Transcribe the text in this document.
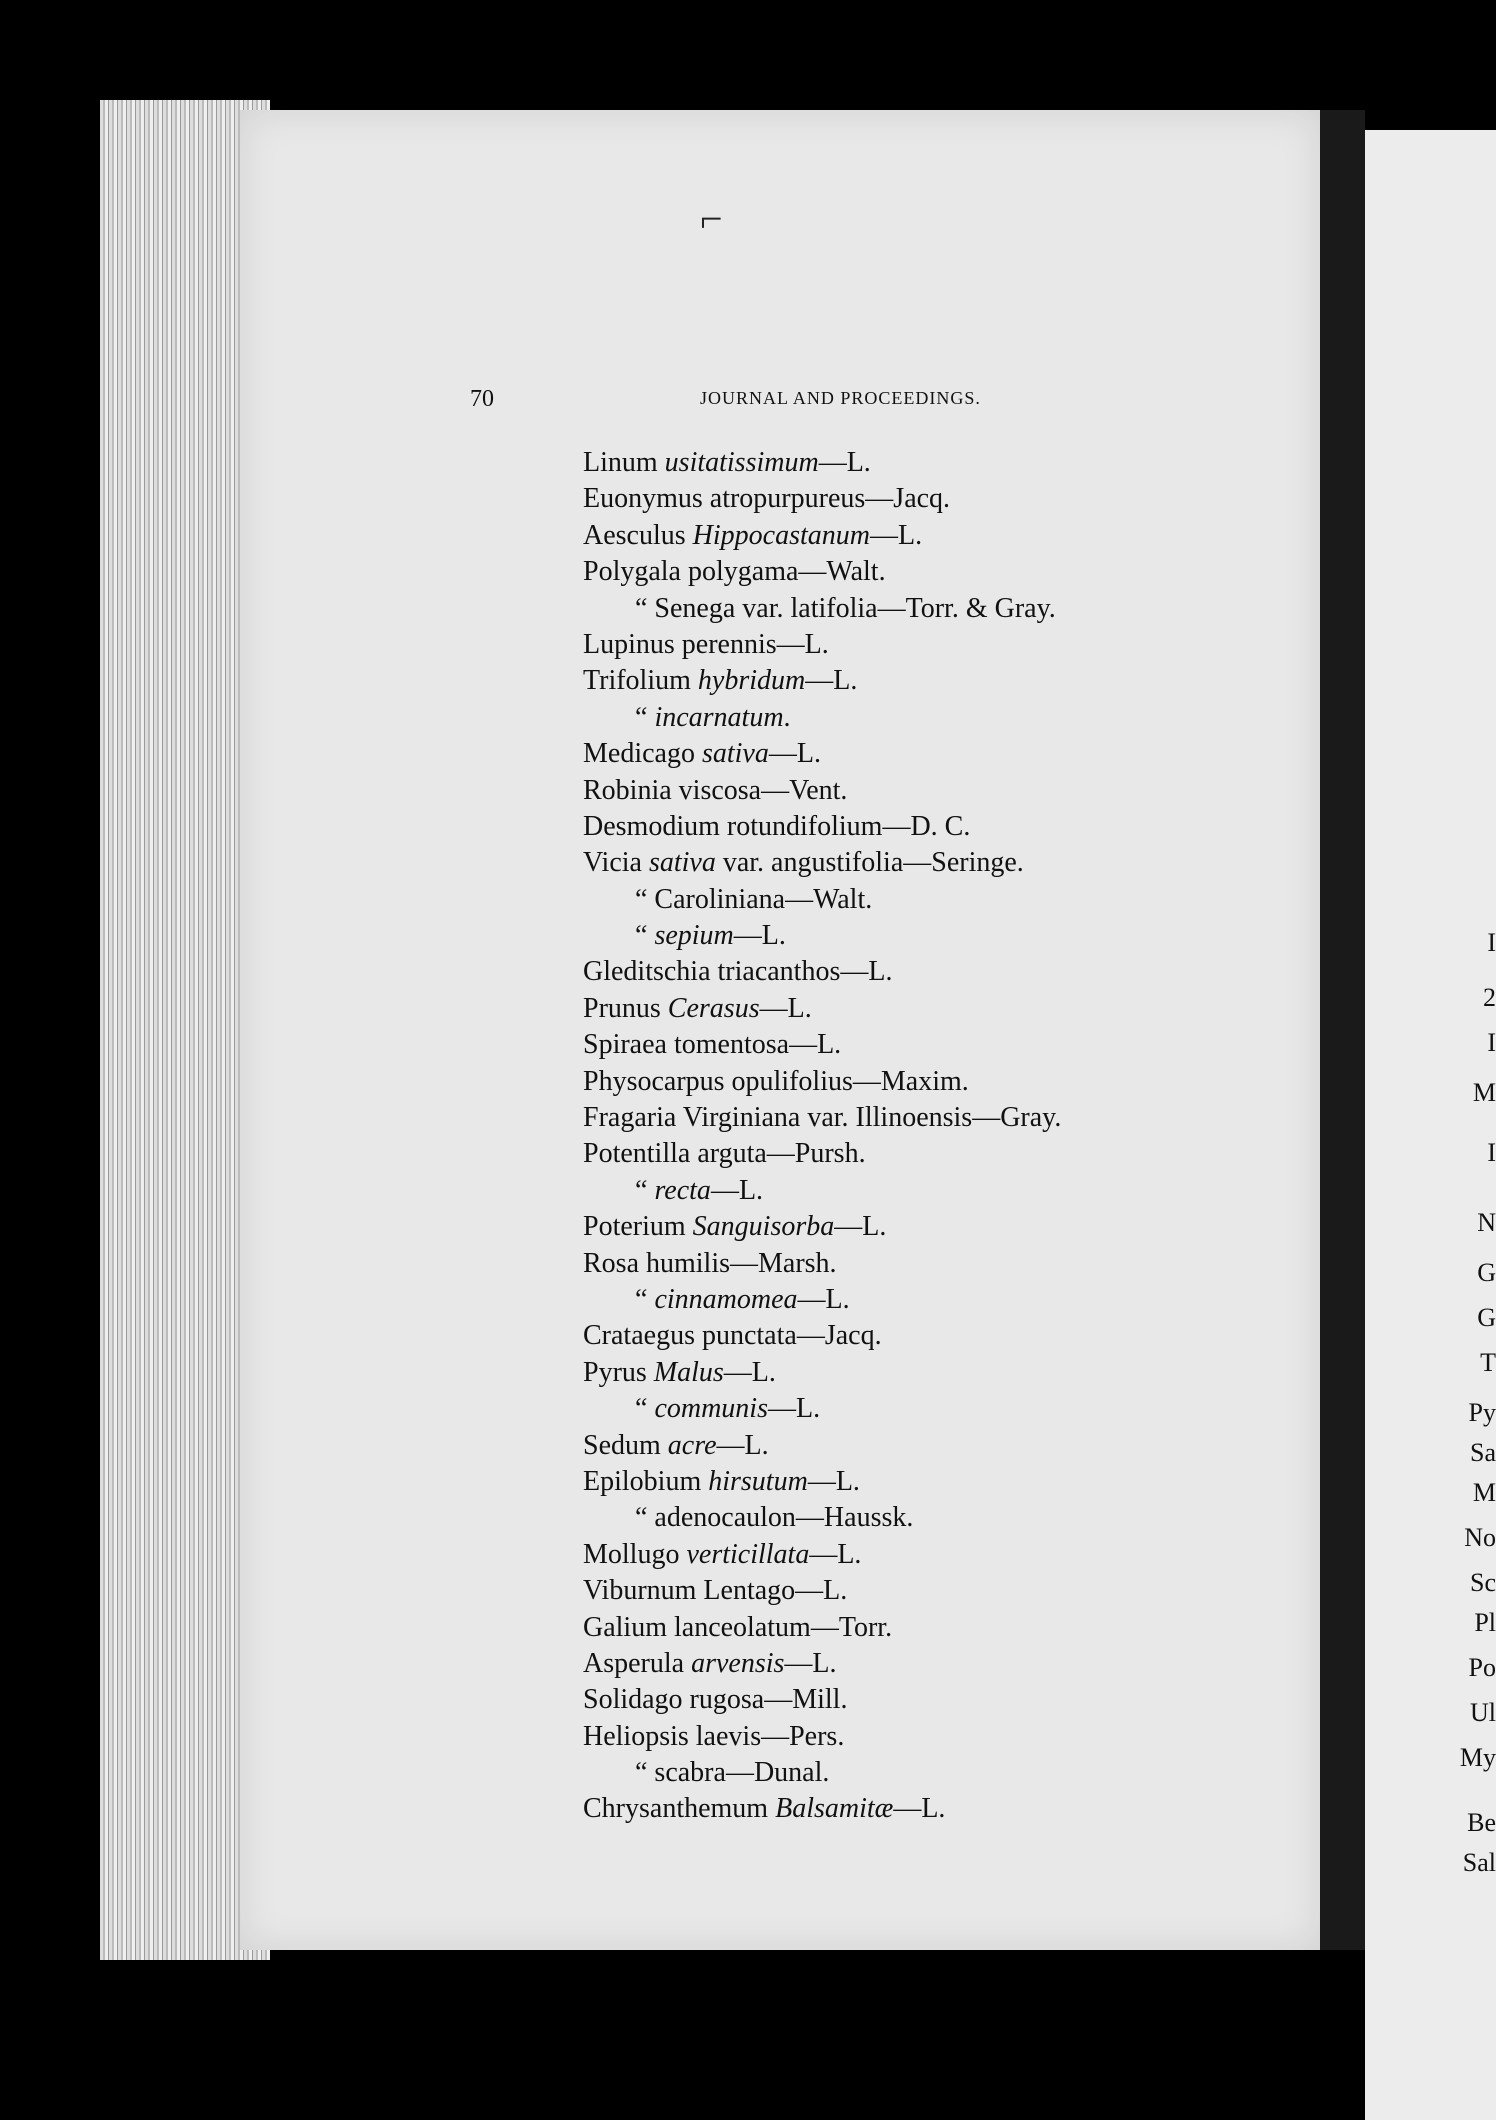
I
2
I
M
I
N
G
G
T
Py
Sa
M
No
Sc
Pl
Po
Ul
My
Be
Sal
70	JOURNAL AND PROCEEDINGS.
Linum usitatissimum—L.
Euonymus atropurpureus—Jacq.
Aesculus Hippocastanum—L.
Polygala polygama—Walt.
“ Senega var. latifolia—Torr. & Gray.
Lupinus perennis—L.
Trifolium hybridum—L.
“ incarnatum.
Medicago sativa—L.
Robinia viscosa—Vent.
Desmodium rotundifolium—D. C.
Vicia sativa var. angustifolia—Seringe.
“ Caroliniana—Walt.
“ sepium—L.
Gleditschia triacanthos—L.
Prunus Cerasus—L.
Spiraea tomentosa—L.
Physocarpus opulifolius—Maxim.
Fragaria Virginiana var. Illinoensis—Gray.
Potentilla arguta—Pursh.
“ recta—L.
Poterium Sanguisorba—L.
Rosa humilis—Marsh.
“ cinnamomea—L.
Crataegus punctata—Jacq.
Pyrus Malus—L.
“ communis—L.
Sedum acre—L.
Epilobium hirsutum—L.
“ adenocaulon—Haussk.
Mollugo verticillata—L.
Viburnum Lentago—L.
Galium lanceolatum—Torr.
Asperula arvensis—L.
Solidago rugosa—Mill.
Heliopsis laevis—Pers.
“ scabra—Dunal.
Chrysanthemum Balsamitæ—L.
⌐
